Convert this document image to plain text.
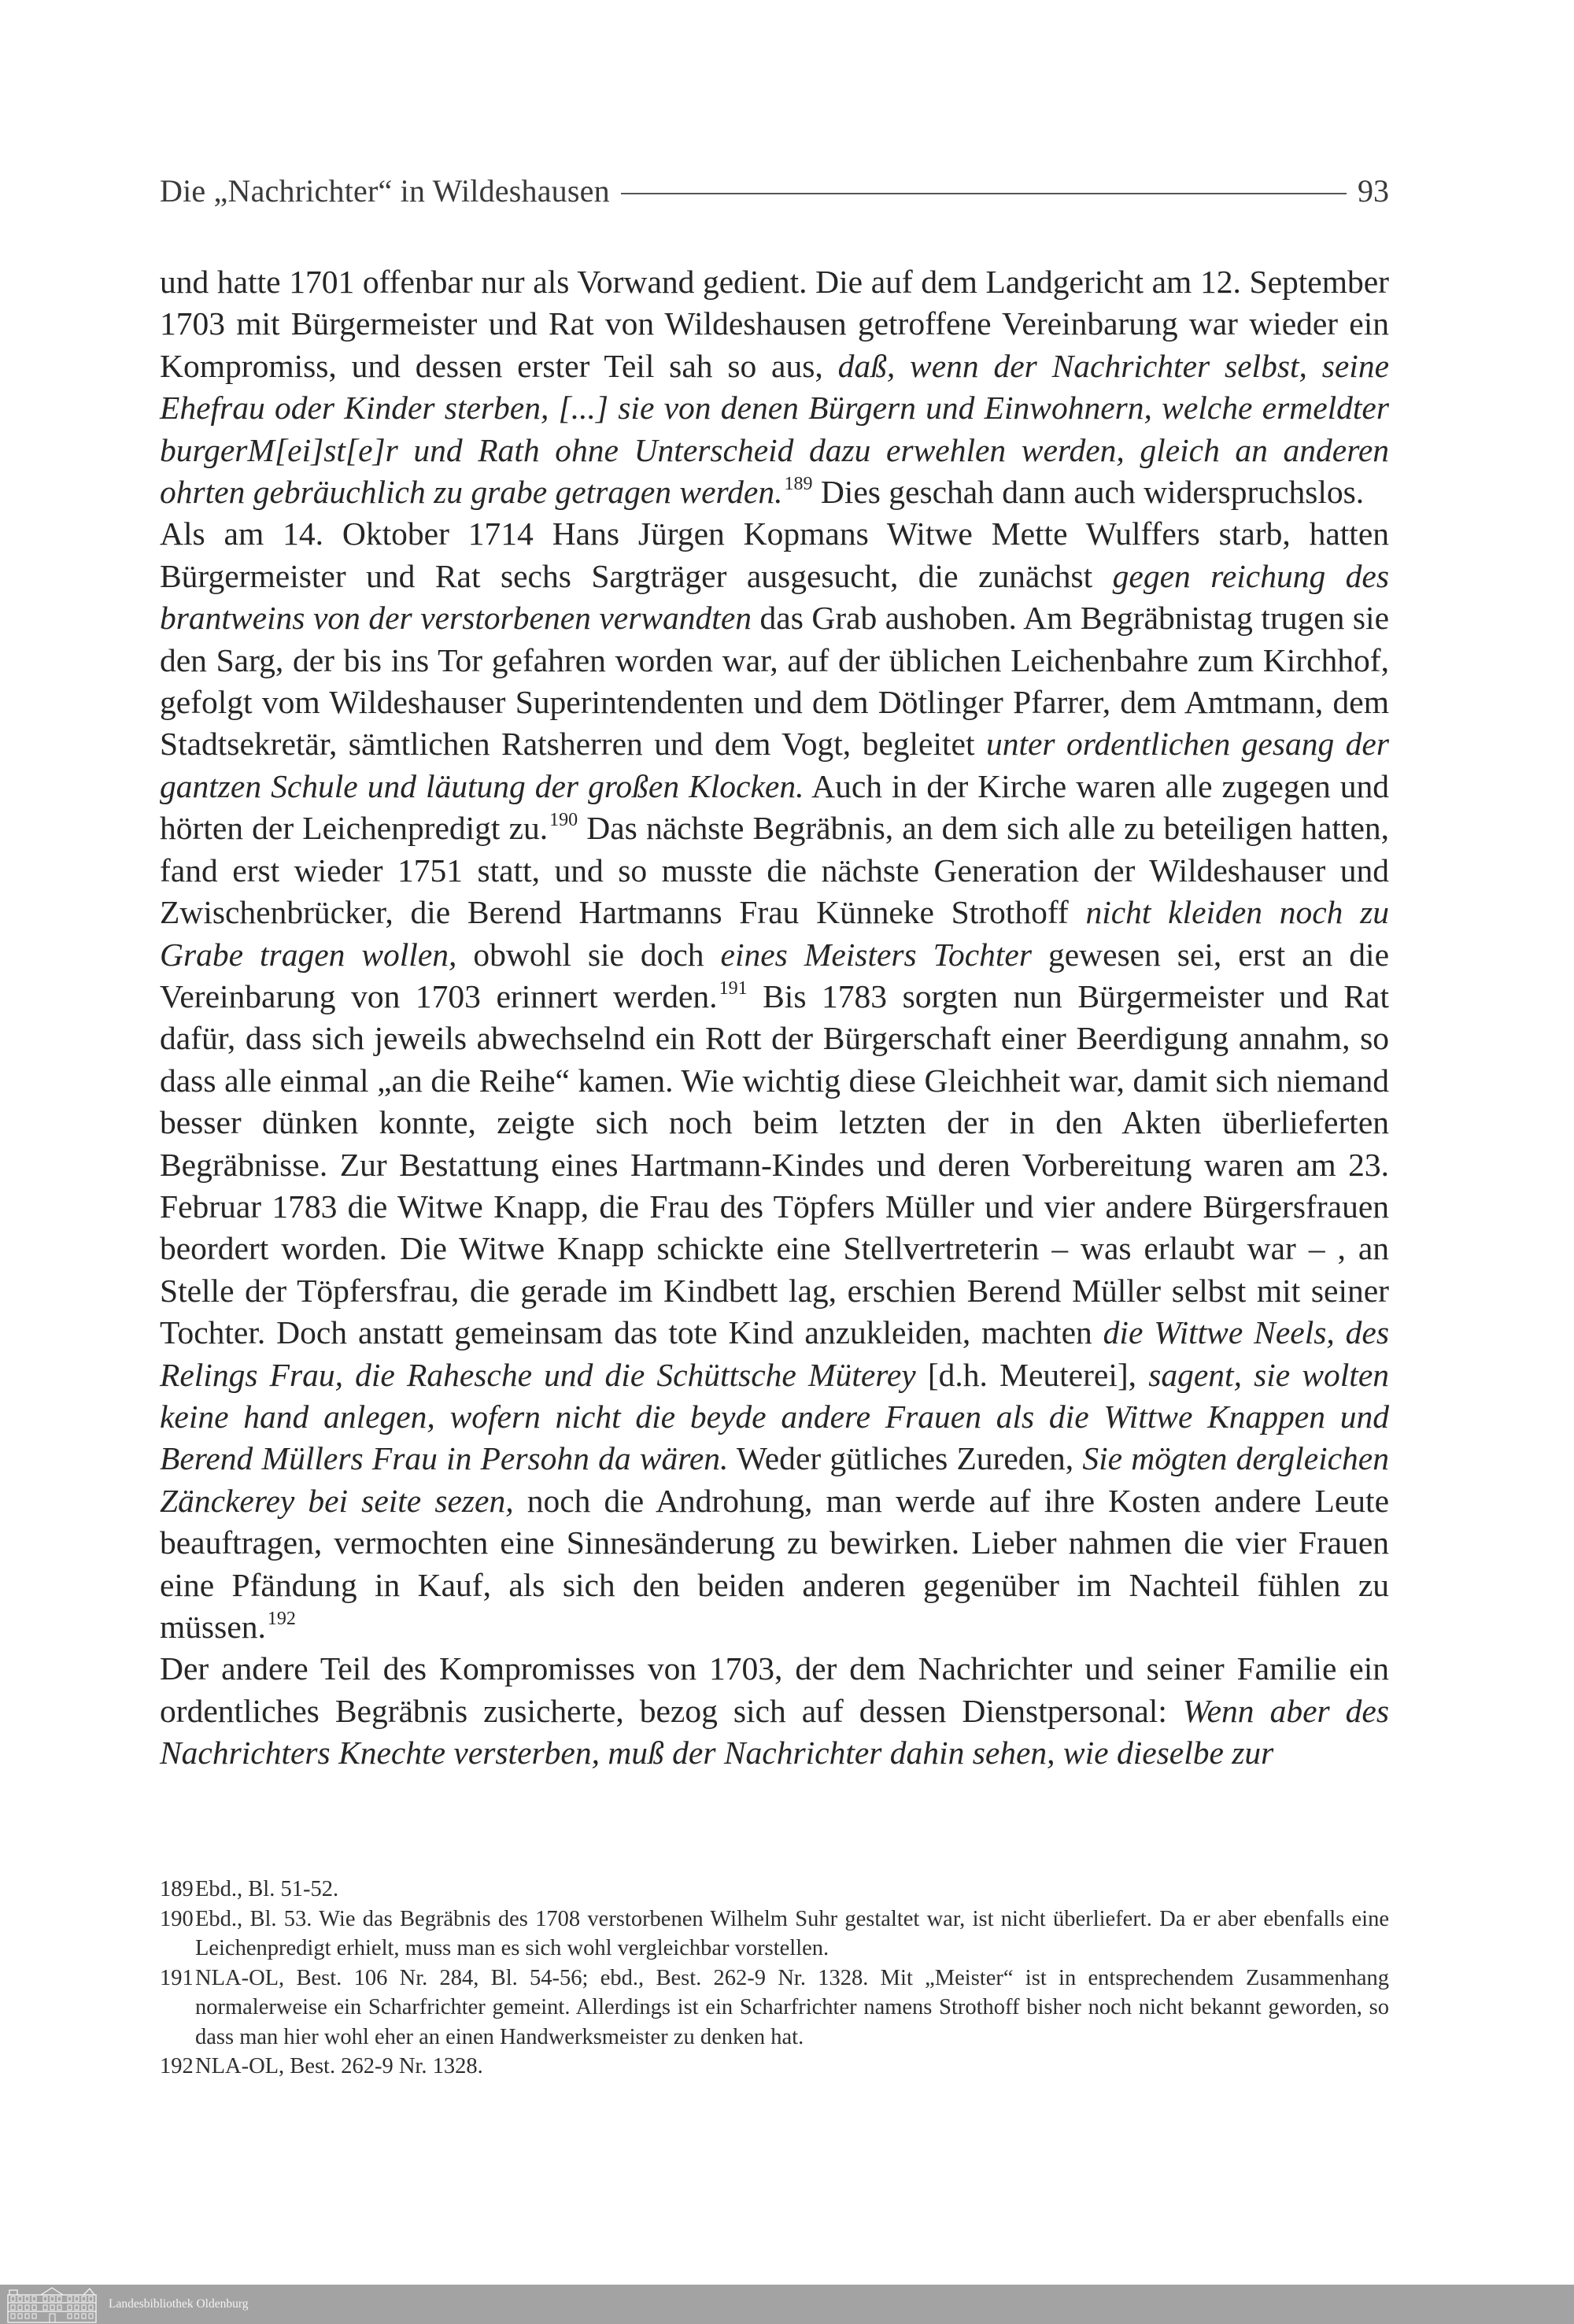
Die „Nachrichter“ in Wildeshausen	93

und hatte 1701 offenbar nur als Vorwand gedient. Die auf dem Landgericht am 12. September 1703 mit Bürgermeister und Rat von Wildeshausen getroffene Vereinbarung war wieder ein Kompromiss, und dessen erster Teil sah so aus, daß, wenn der Nachrichter selbst, seine Ehefrau oder Kinder sterben, [...] sie von denen Bürgern und Einwohnern, welche ermeldter burgerM[ei]st[e]r und Rath ohne Unterscheid dazu erwehlen werden, gleich an anderen ohrten gebräuchlich zu grabe getragen werden.$^{189}$ Dies geschah dann auch widerspruchslos.

Als am 14. Oktober 1714 Hans Jürgen Kopmans Witwe Mette Wulffers starb, hatten Bürgermeister und Rat sechs Sargträger ausgesucht, die zunächst gegen reichung des brantweins von der verstorbenen verwandten das Grab aushoben. Am Begräbnistag trugen sie den Sarg, der bis ins Tor gefahren worden war, auf der üblichen Leichenbahre zum Kirchhof, gefolgt vom Wildeshauser Superintendenten und dem Dötlinger Pfarrer, dem Amtmann, dem Stadtsekretär, sämtlichen Ratsherren und dem Vogt, begleitet unter ordentlichen gesang der gantzen Schule und läutung der großen Klocken. Auch in der Kirche waren alle zugegen und hörten der Leichenpredigt zu.$^{190}$ Das nächste Begräbnis, an dem sich alle zu beteiligen hatten, fand erst wieder 1751 statt, und so musste die nächste Generation der Wildeshauser und Zwischenbrücker, die Berend Hartmanns Frau Künneke Strothoff nicht kleiden noch zu Grabe tragen wollen, obwohl sie doch eines Meisters Tochter gewesen sei, erst an die Vereinbarung von 1703 erinnert werden.$^{191}$ Bis 1783 sorgten nun Bürgermeister und Rat dafür, dass sich jeweils abwechselnd ein Rott der Bürgerschaft einer Beerdigung annahm, so dass alle einmal „an die Reihe“ kamen. Wie wichtig diese Gleichheit war, damit sich niemand besser dünken konnte, zeigte sich noch beim letzten der in den Akten überlieferten Begräbnisse. Zur Bestattung eines Hartmann-Kindes und deren Vorbereitung waren am 23. Februar 1783 die Witwe Knapp, die Frau des Töpfers Müller und vier andere Bürgersfrauen beordert worden. Die Witwe Knapp schickte eine Stellvertreterin – was erlaubt war – , an Stelle der Töpfersfrau, die gerade im Kindbett lag, erschien Berend Müller selbst mit seiner Tochter. Doch anstatt gemeinsam das tote Kind anzukleiden, machten die Wittwe Neels, des Relings Frau, die Rahesche und die Schüttsche Müterey [d.h. Meuterei], sagent, sie wolten keine hand anlegen, wofern nicht die beyde andere Frauen als die Wittwe Knappen und Berend Müllers Frau in Persohn da wären. Weder gütliches Zureden, Sie mögten dergleichen Zänckerey bei seite sezen, noch die Androhung, man werde auf ihre Kosten andere Leute beauftragen, vermochten eine Sinnesänderung zu bewirken. Lieber nahmen die vier Frauen eine Pfändung in Kauf, als sich den beiden anderen gegenüber im Nachteil fühlen zu müssen.$^{192}$

Der andere Teil des Kompromisses von 1703, der dem Nachrichter und seiner Familie ein ordentliches Begräbnis zusicherte, bezog sich auf dessen Dienstpersonal: Wenn aber des Nachrichters Knechte versterben, muß der Nachrichter dahin sehen, wie dieselbe zur

189 Ebd., Bl. 51-52.
190 Ebd., Bl. 53. Wie das Begräbnis des 1708 verstorbenen Wilhelm Suhr gestaltet war, ist nicht überliefert. Da er aber ebenfalls eine Leichenpredigt erhielt, muss man es sich wohl vergleichbar vorstellen.
191 NLA-OL, Best. 106 Nr. 284, Bl. 54-56; ebd., Best. 262-9 Nr. 1328. Mit „Meister“ ist in entsprechendem Zusammenhang normalerweise ein Scharfrichter gemeint. Allerdings ist ein Scharfrichter namens Strothoff bisher noch nicht bekannt geworden, so dass man hier wohl eher an einen Handwerksmeister zu denken hat.
192 NLA-OL, Best. 262-9 Nr. 1328.
Landesbibliothek Oldenburg
